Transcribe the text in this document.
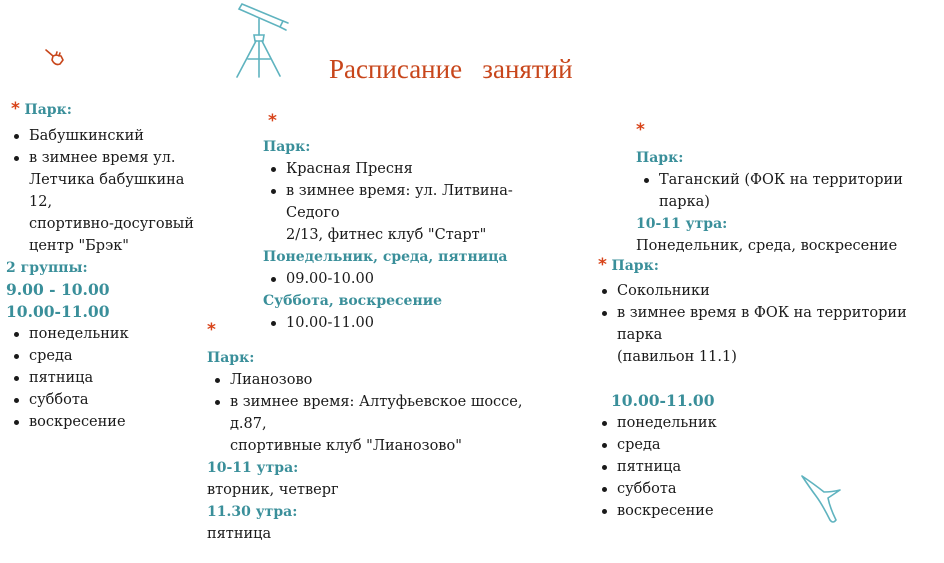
Расписание   занятий
* Парк:
Бабушкинский
в зимнее время ул.
Летчика бабушкина 12,
спортивно-досуговый
центр "Брэк"
2 группы:
9.00 - 10.00
10.00-11.00
понедельник
среда
пятница
суббота
воскресение
*
Парк:
Красная Пресня
в зимнее время: ул. Литвина-Седого
2/13, фитнес клуб "Старт"
Понедельник, среда, пятница
09.00-10.00
Суббота, воскресение
10.00-11.00
*
Парк:
Лианозово
в зимнее время: Алтуфьевское шоссе, д.87,
спортивные клуб "Лианозово"
10-11 утра:
вторник, четверг
11.30 утра:
пятница
*
Парк:
Таганский (ФОК на территории парка)
10-11 утра:
Понедельник, среда, воскресение
* Парк:
Сокольники
в зимнее время в ФОК на территории парка
(павильон 11.1)
10.00-11.00
понедельник
среда
пятница
суббота
воскресение
